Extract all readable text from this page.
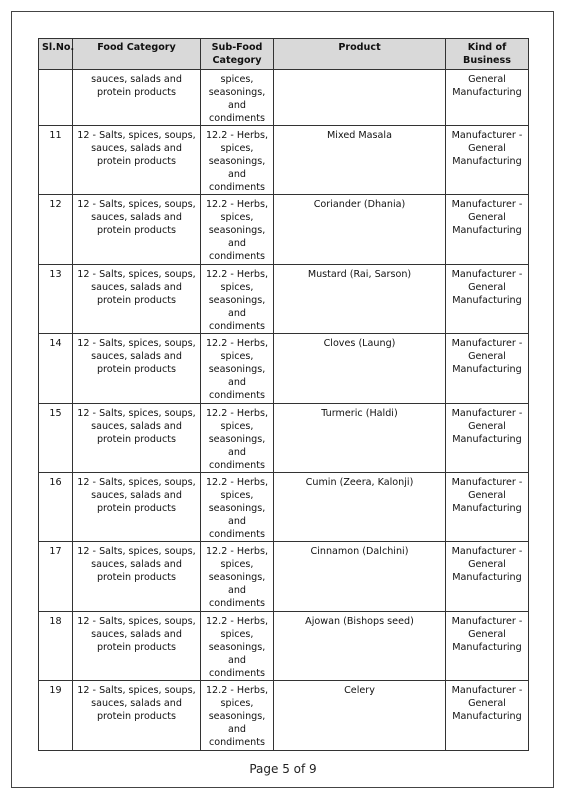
Sl.No.	Food Category	Sub-Food Category	Product	Kind of Business
	sauces, salads and protein products	spices, seasonings, and condiments		General Manufacturing
11	12 - Salts, spices, soups, sauces, salads and protein products	12.2 - Herbs, spices, seasonings, and condiments	Mixed Masala	Manufacturer - General Manufacturing
12	12 - Salts, spices, soups, sauces, salads and protein products	12.2 - Herbs, spices, seasonings, and condiments	Coriander (Dhania)	Manufacturer - General Manufacturing
13	12 - Salts, spices, soups, sauces, salads and protein products	12.2 - Herbs, spices, seasonings, and condiments	Mustard (Rai, Sarson)	Manufacturer - General Manufacturing
14	12 - Salts, spices, soups, sauces, salads and protein products	12.2 - Herbs, spices, seasonings, and condiments	Cloves (Laung)	Manufacturer - General Manufacturing
15	12 - Salts, spices, soups, sauces, salads and protein products	12.2 - Herbs, spices, seasonings, and condiments	Turmeric (Haldi)	Manufacturer - General Manufacturing
16	12 - Salts, spices, soups, sauces, salads and protein products	12.2 - Herbs, spices, seasonings, and condiments	Cumin (Zeera, Kalonji)	Manufacturer - General Manufacturing
17	12 - Salts, spices, soups, sauces, salads and protein products	12.2 - Herbs, spices, seasonings, and condiments	Cinnamon (Dalchini)	Manufacturer - General Manufacturing
18	12 - Salts, spices, soups, sauces, salads and protein products	12.2 - Herbs, spices, seasonings, and condiments	Ajowan (Bishops seed)	Manufacturer - General Manufacturing
19	12 - Salts, spices, soups, sauces, salads and protein products	12.2 - Herbs, spices, seasonings, and condiments	Celery	Manufacturer - General Manufacturing
Page 5 of 9
